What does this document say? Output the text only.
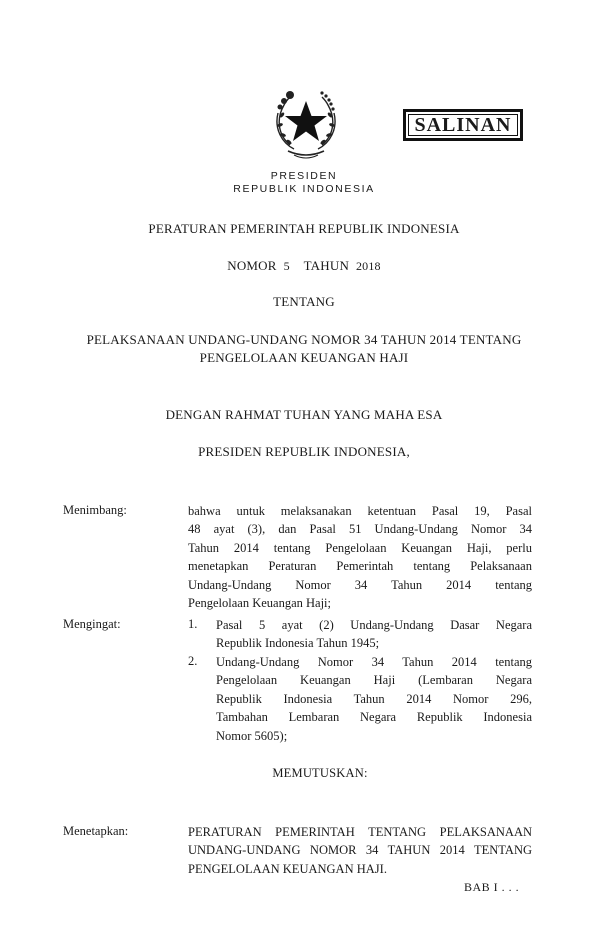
SALINAN
PRESIDEN
REPUBLIK INDONESIA
PERATURAN PEMERINTAH REPUBLIK INDONESIA
NOMOR 5 TAHUN 2018
TENTANG
PELAKSANAAN UNDANG-UNDANG NOMOR 34 TAHUN 2014 TENTANG
PENGELOLAAN KEUANGAN HAJI
DENGAN RAHMAT TUHAN YANG MAHA ESA
PRESIDEN REPUBLIK INDONESIA,
Menimbang:	bahwa untuk melaksanakan ketentuan Pasal 19, Pasal
48 ayat (3), dan Pasal 51 Undang-Undang Nomor 34
Tahun 2014 tentang Pengelolaan Keuangan Haji, perlu
menetapkan Peraturan Pemerintah tentang Pelaksanaan
Undang-Undang Nomor 34 Tahun 2014 tentang
Pengelolaan Keuangan Haji;
Mengingat:	1. Pasal 5 ayat (2) Undang-Undang Dasar Negara
Republik Indonesia Tahun 1945;
2. Undang-Undang Nomor 34 Tahun 2014 tentang
Pengelolaan Keuangan Haji (Lembaran Negara
Republik Indonesia Tahun 2014 Nomor 296,
Tambahan Lembaran Negara Republik Indonesia
Nomor 5605);
MEMUTUSKAN:
Menetapkan:	PERATURAN PEMERINTAH TENTANG PELAKSANAAN
UNDANG-UNDANG NOMOR 34 TAHUN 2014 TENTANG
PENGELOLAAN KEUANGAN HAJI.
BAB I . . .
